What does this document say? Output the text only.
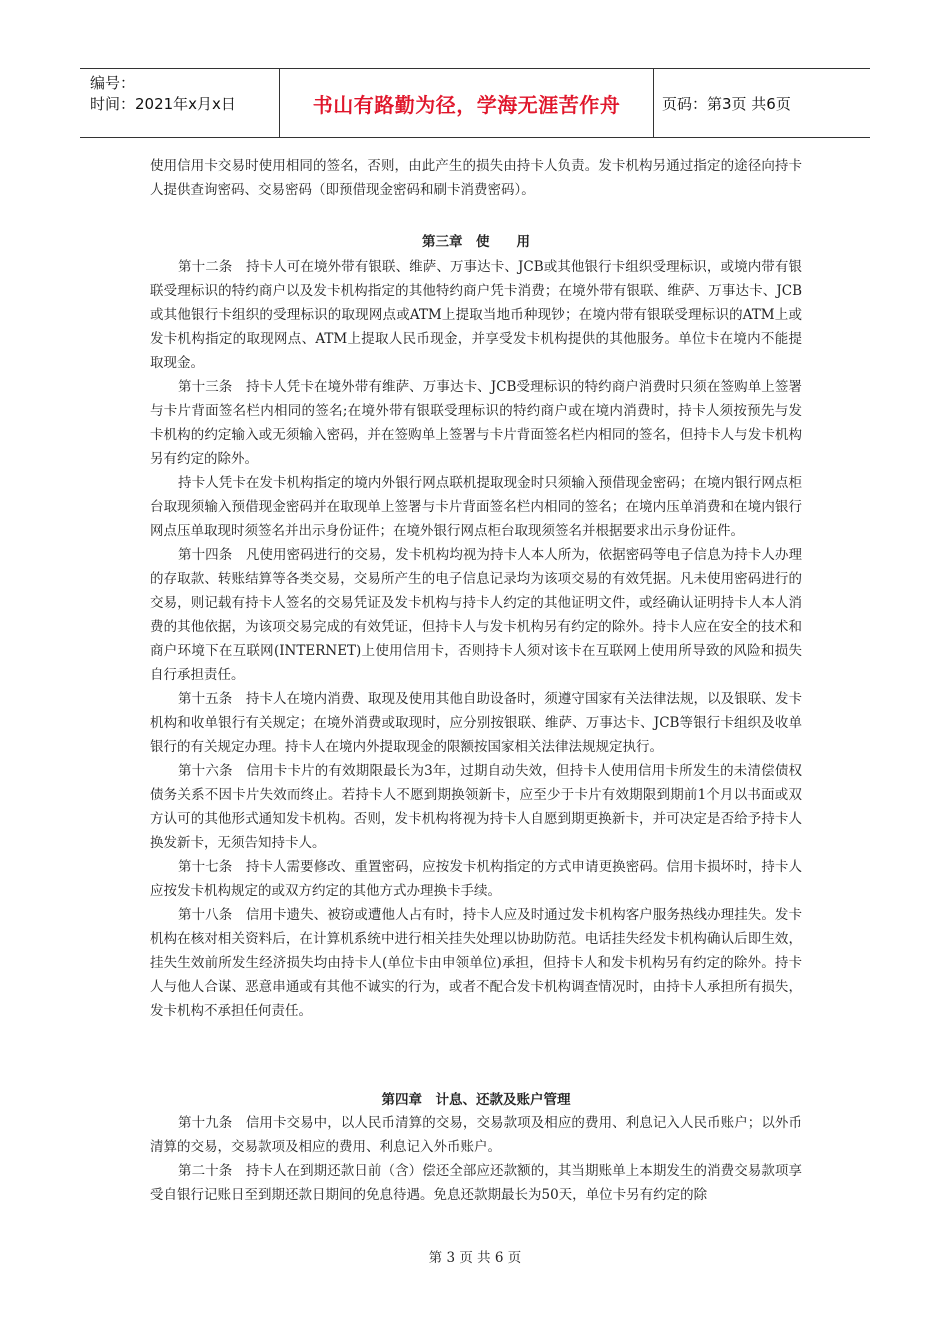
编号：
时间：2021年x月x日	书山有路勤为径，学海无涯苦作舟	页码：第3页 共6页

使用信用卡交易时使用相同的签名，否则，由此产生的损失由持卡人负责。发卡机构另通过指定的途径向持卡人提供查询密码、交易密码（即预借现金密码和刷卡消费密码）。

第三章　使　　用

第十二条　持卡人可在境外带有银联、维萨、万事达卡、JCB或其他银行卡组织受理标识，或境内带有银联受理标识的特约商户以及发卡机构指定的其他特约商户凭卡消费；在境外带有银联、维萨、万事达卡、JCB或其他银行卡组织的受理标识的取现网点或ATM上提取当地币种现钞；在境内带有银联受理标识的ATM上或发卡机构指定的取现网点、ATM上提取人民币现金，并享受发卡机构提供的其他服务。单位卡在境内不能提取现金。

第十三条　持卡人凭卡在境外带有维萨、万事达卡、JCB受理标识的特约商户消费时只须在签购单上签署与卡片背面签名栏内相同的签名;在境外带有银联受理标识的特约商户或在境内消费时，持卡人须按预先与发卡机构的约定输入或无须输入密码，并在签购单上签署与卡片背面签名栏内相同的签名，但持卡人与发卡机构另有约定的除外。

持卡人凭卡在发卡机构指定的境内外银行网点联机提取现金时只须输入预借现金密码；在境内银行网点柜台取现须输入预借现金密码并在取现单上签署与卡片背面签名栏内相同的签名；在境内压单消费和在境内银行网点压单取现时须签名并出示身份证件；在境外银行网点柜台取现须签名并根据要求出示身份证件。

第十四条　凡使用密码进行的交易，发卡机构均视为持卡人本人所为，依据密码等电子信息为持卡人办理的存取款、转账结算等各类交易，交易所产生的电子信息记录均为该项交易的有效凭据。凡未使用密码进行的交易，则记载有持卡人签名的交易凭证及发卡机构与持卡人约定的其他证明文件，或经确认证明持卡人本人消费的其他依据，为该项交易完成的有效凭证，但持卡人与发卡机构另有约定的除外。持卡人应在安全的技术和商户环境下在互联网(INTERNET)上使用信用卡，否则持卡人须对该卡在互联网上使用所导致的风险和损失自行承担责任。

第十五条　持卡人在境内消费、取现及使用其他自助设备时，须遵守国家有关法律法规，以及银联、发卡机构和收单银行有关规定；在境外消费或取现时，应分别按银联、维萨、万事达卡、JCB等银行卡组织及收单银行的有关规定办理。持卡人在境内外提取现金的限额按国家相关法律法规规定执行。

第十六条　信用卡卡片的有效期限最长为3年，过期自动失效，但持卡人使用信用卡所发生的未清偿债权债务关系不因卡片失效而终止。若持卡人不愿到期换领新卡，应至少于卡片有效期限到期前1个月以书面或双方认可的其他形式通知发卡机构。否则，发卡机构将视为持卡人自愿到期更换新卡，并可决定是否给予持卡人换发新卡，无须告知持卡人。

第十七条　持卡人需要修改、重置密码，应按发卡机构指定的方式申请更换密码。信用卡损坏时，持卡人应按发卡机构规定的或双方约定的其他方式办理换卡手续。

第十八条　信用卡遗失、被窃或遭他人占有时，持卡人应及时通过发卡机构客户服务热线办理挂失。发卡机构在核对相关资料后，在计算机系统中进行相关挂失处理以协助防范。电话挂失经发卡机构确认后即生效，挂失生效前所发生经济损失均由持卡人(单位卡由申领单位)承担，但持卡人和发卡机构另有约定的除外。持卡人与他人合谋、恶意串通或有其他不诚实的行为，或者不配合发卡机构调查情况时，由持卡人承担所有损失，发卡机构不承担任何责任。

第四章　计息、还款及账户管理

第十九条　信用卡交易中，以人民币清算的交易，交易款项及相应的费用、利息记入人民币账户；以外币清算的交易，交易款项及相应的费用、利息记入外币账户。

第二十条　持卡人在到期还款日前（含）偿还全部应还款额的，其当期账单上本期发生的消费交易款项享受自银行记账日至到期还款日期间的免息待遇。免息还款期最长为50天，单位卡另有约定的除

第 3 页 共 6 页
